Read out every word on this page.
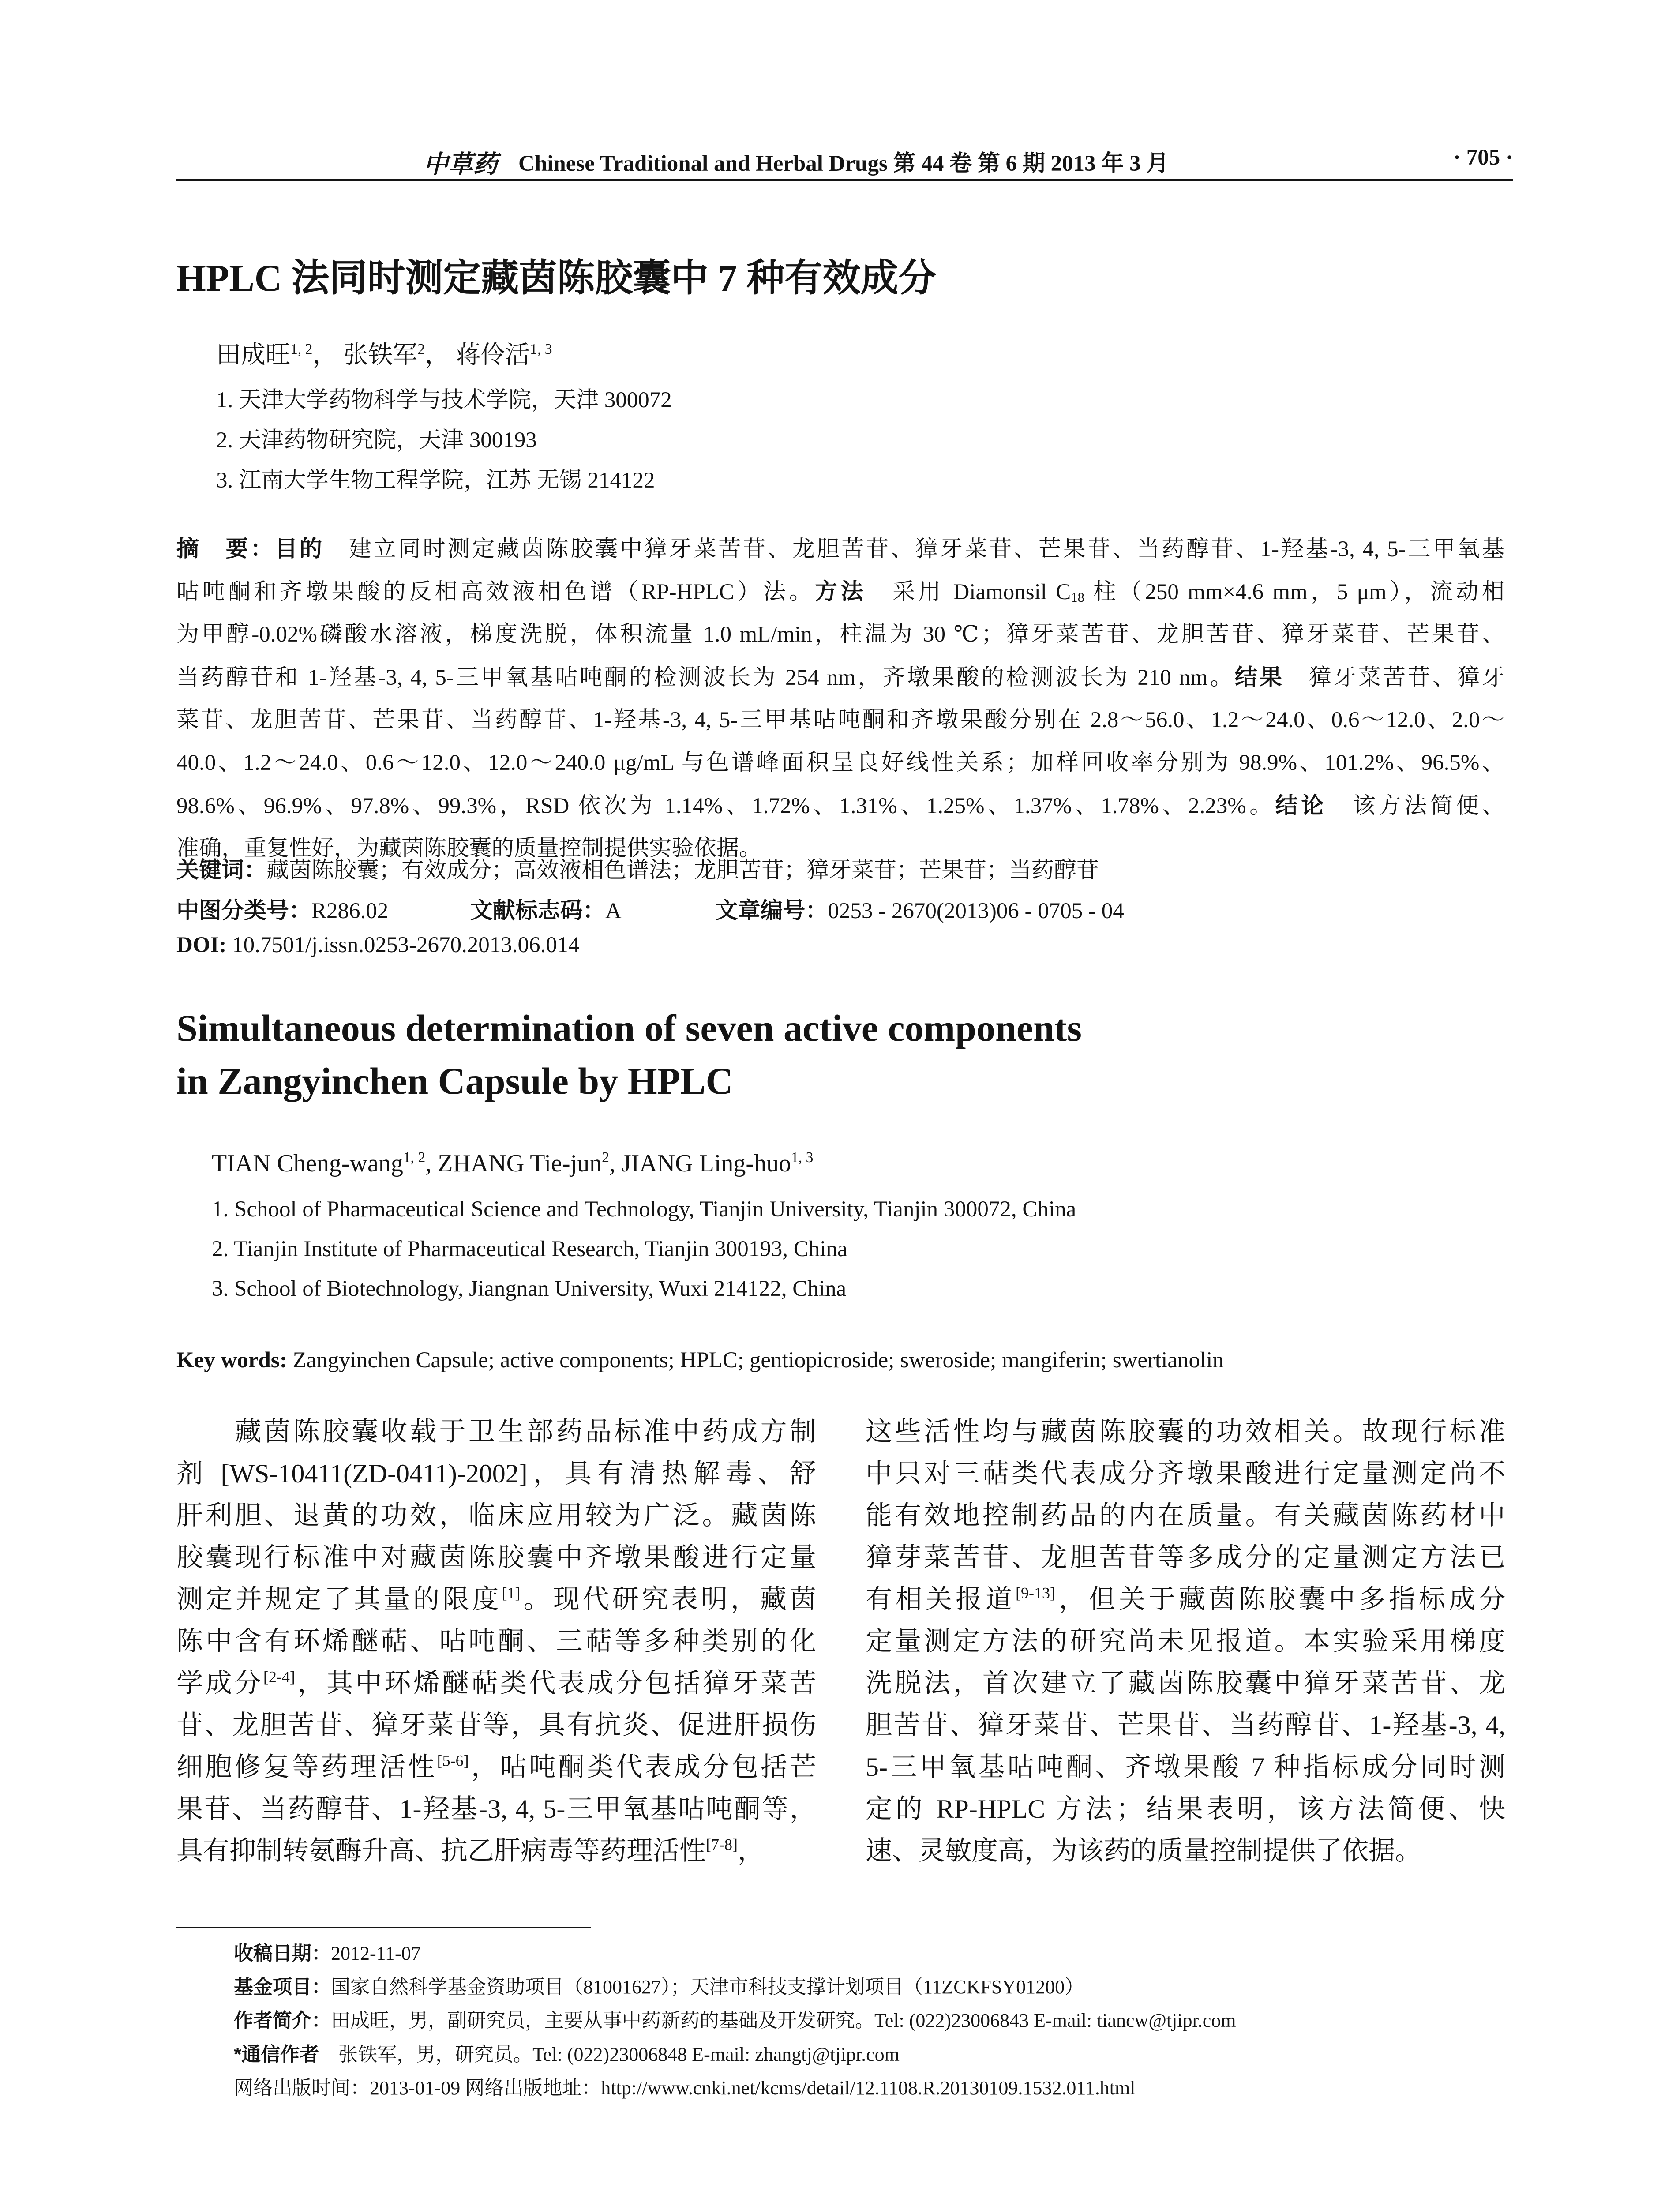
中草药 Chinese Traditional and Herbal Drugs 第 44 卷 第 6 期 2013 年 3 月	· 705 ·
HPLC 法同时测定藏茵陈胶囊中 7 种有效成分
田成旺$^{1, 2}$， 张铁军$^2$， 蒋伶活$^{1, 3}$
1. 天津大学药物科学与技术学院，天津 300072
2. 天津药物研究院，天津 300193
3. 江南大学生物工程学院，江苏 无锡 214122
摘　要：目的　建立同时测定藏茵陈胶囊中獐牙菜苦苷、龙胆苦苷、獐牙菜苷、芒果苷、当药醇苷、1-羟基-3, 4, 5-三甲氧基
呫吨酮和齐墩果酸的反相高效液相色谱（RP-HPLC）法。方法　采用 Diamonsil C18 柱（250 mm×4.6 mm，5 μm），流动相
为甲醇-0.02%磷酸水溶液，梯度洗脱，体积流量 1.0 mL/min，柱温为 30 ℃；獐牙菜苦苷、龙胆苦苷、獐牙菜苷、芒果苷、
当药醇苷和 1-羟基-3, 4, 5-三甲氧基呫吨酮的检测波长为 254 nm，齐墩果酸的检测波长为 210 nm。结果　獐牙菜苦苷、獐牙
菜苷、龙胆苦苷、芒果苷、当药醇苷、1-羟基-3, 4, 5-三甲基呫吨酮和齐墩果酸分别在 2.8～56.0、1.2～24.0、0.6～12.0、2.0～
40.0、1.2～24.0、0.6～12.0、12.0～240.0 μg/mL 与色谱峰面积呈良好线性关系；加样回收率分别为 98.9%、101.2%、96.5%、
98.6%、96.9%、97.8%、99.3%，RSD 依次为 1.14%、1.72%、1.31%、1.25%、1.37%、1.78%、2.23%。结论　该方法简便、
准确，重复性好，为藏茵陈胶囊的质量控制提供实验依据。
关键词：藏茵陈胶囊；有效成分；高效液相色谱法；龙胆苦苷；獐牙菜苷；芒果苷；当药醇苷
中图分类号：R286.02	文献标志码：A	文章编号：0253 - 2670(2013)06 - 0705 - 04
DOI: 10.7501/j.issn.0253-2670.2013.06.014
Simultaneous determination of seven active components
in Zangyinchen Capsule by HPLC
TIAN Cheng-wang$^{1, 2}$, ZHANG Tie-jun$^2$, JIANG Ling-huo$^{1, 3}$
1. School of Pharmaceutical Science and Technology, Tianjin University, Tianjin 300072, China
2. Tianjin Institute of Pharmaceutical Research, Tianjin 300193, China
3. School of Biotechnology, Jiangnan University, Wuxi 214122, China
Key words: Zangyinchen Capsule; active components; HPLC; gentiopicroside; sweroside; mangiferin; swertianolin
　　藏茵陈胶囊收载于卫生部药品标准中药成方制
剂 [WS-10411(ZD-0411)-2002]，具有清热解毒、舒
肝利胆、退黄的功效，临床应用较为广泛。藏茵陈
胶囊现行标准中对藏茵陈胶囊中齐墩果酸进行定量
测定并规定了其量的限度[1]。现代研究表明，藏茵
陈中含有环烯醚萜、呫吨酮、三萜等多种类别的化
学成分[2-4]，其中环烯醚萜类代表成分包括獐牙菜苦
苷、龙胆苦苷、獐牙菜苷等，具有抗炎、促进肝损伤
细胞修复等药理活性[5-6]，呫吨酮类代表成分包括芒
果苷、当药醇苷、1-羟基-3, 4, 5-三甲氧基呫吨酮等，
具有抑制转氨酶升高、抗乙肝病毒等药理活性[7-8]，
这些活性均与藏茵陈胶囊的功效相关。故现行标准
中只对三萜类代表成分齐墩果酸进行定量测定尚不
能有效地控制药品的内在质量。有关藏茵陈药材中
獐芽菜苦苷、龙胆苦苷等多成分的定量测定方法已
有相关报道[9-13]，但关于藏茵陈胶囊中多指标成分
定量测定方法的研究尚未见报道。本实验采用梯度
洗脱法，首次建立了藏茵陈胶囊中獐牙菜苦苷、龙
胆苦苷、獐牙菜苷、芒果苷、当药醇苷、1-羟基-3, 4,
5-三甲氧基呫吨酮、齐墩果酸 7 种指标成分同时测
定的 RP-HPLC 方法；结果表明，该方法简便、快
速、灵敏度高，为该药的质量控制提供了依据。
收稿日期：2012-11-07
基金项目：国家自然科学基金资助项目（81001627）；天津市科技支撑计划项目（11ZCKFSY01200）
作者简介：田成旺，男，副研究员，主要从事中药新药的基础及开发研究。Tel: (022)23006843 E-mail: tiancw@tjipr.com
*通信作者　张铁军，男，研究员。Tel: (022)23006848 E-mail: zhangtj@tjipr.com
网络出版时间：2013-01-09 网络出版地址：http://www.cnki.net/kcms/detail/12.1108.R.20130109.1532.011.html
